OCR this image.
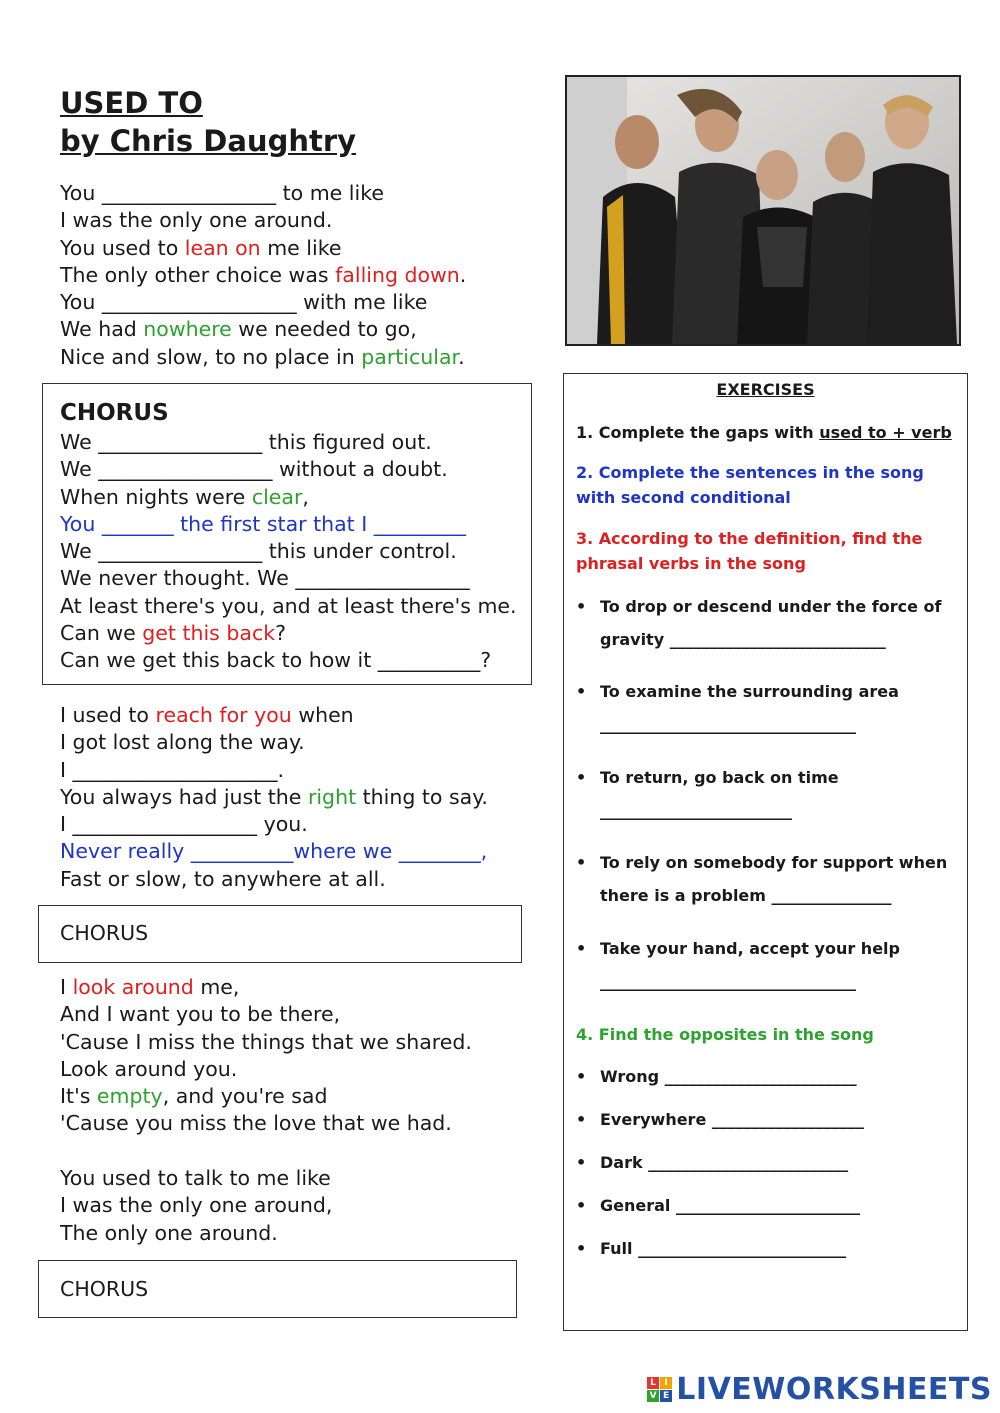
USED TO
by Chris Daughtry
You _________________ to me like
I was the only one around.
You used to lean on me like
The only other choice was falling down.
You ___________________ with me like
We had nowhere we needed to go,
Nice and slow, to no place in particular.
CHORUS
We ________________ this figured out.
We _________________ without a doubt.
When nights were clear,
You _______ the first star that I _________
We ________________ this under control.
We never thought. We _________________
At least there's you, and at least there's me.
Can we get this back?
Can we get this back to how it __________?
I used to reach for you when
I got lost along the way.
I ____________________.
You always had just the right thing to say.
I __________________ you.
Never really __________where we ________,
Fast or slow, to anywhere at all.
CHORUS
I look around me,
And I want you to be there,
'Cause I miss the things that we shared.
Look around you.
It's empty, and you're sad
'Cause you miss the love that we had.
You used to talk to me like
I was the only one around,
The only one around.
CHORUS
EXERCISES
1. Complete the gaps with used to + verb
2. Complete the sentences in the song with second conditional
3. According to the definition, find the phrasal verbs in the song
• To drop or descend under the force of gravity ___________________________
• To examine the surrounding area ________________________________
• To return, go back on time ________________________
• To rely on somebody for support when there is a problem _______________
• Take your hand, accept your help ________________________________
4. Find the opposites in the song
• Wrong ________________________
• Everywhere ___________________
• Dark _________________________
• General _______________________
• Full __________________________
L I
V E LIVEWORKSHEETS
